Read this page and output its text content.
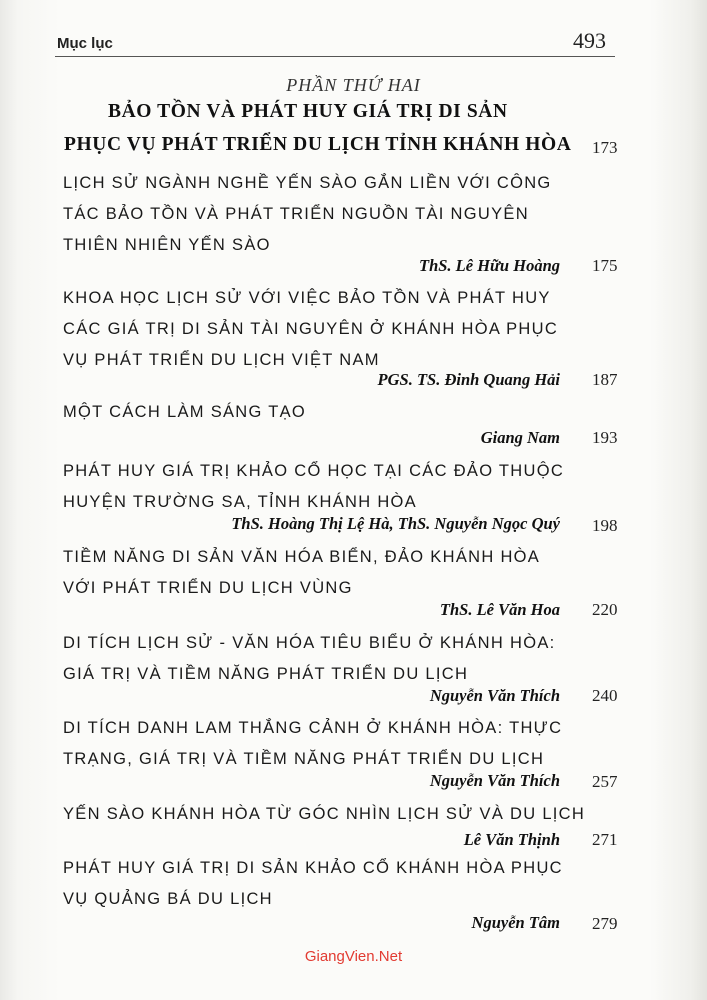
Mục lục	493
PHẦN THỨ HAI
BẢO TỒN VÀ PHÁT HUY GIÁ TRỊ DI SẢN
PHỤC VỤ PHÁT TRIỂN DU LỊCH TỈNH KHÁNH HÒA 173
LỊCH SỬ NGÀNH NGHỀ YẾN SÀO GẮN LIỀN VỚI CÔNG
TÁC BẢO TỒN VÀ PHÁT TRIỂN NGUỒN TÀI NGUYÊN
THIÊN NHIÊN YẾN SÀO
ThS. Lê Hữu Hoàng 175
KHOA HỌC LỊCH SỬ VỚI VIỆC BẢO TỒN VÀ PHÁT HUY
CÁC GIÁ TRỊ DI SẢN TÀI NGUYÊN Ở KHÁNH HÒA PHỤC
VỤ PHÁT TRIỂN DU LỊCH VIỆT NAM
PGS. TS. Đinh Quang Hải 187
MỘT CÁCH LÀM SÁNG TẠO
Giang Nam 193
PHÁT HUY GIÁ TRỊ KHẢO CỔ HỌC TẠI CÁC ĐẢO THUỘC
HUYỆN TRƯỜNG SA, TỈNH KHÁNH HÒA
ThS. Hoàng Thị Lệ Hà, ThS. Nguyễn Ngọc Quý 198
TIỀM NĂNG DI SẢN VĂN HÓA BIỂN, ĐẢO KHÁNH HÒA
VỚI PHÁT TRIỂN DU LỊCH VÙNG
ThS. Lê Văn Hoa 220
DI TÍCH LỊCH SỬ - VĂN HÓA TIÊU BIỂU Ở KHÁNH HÒA:
GIÁ TRỊ VÀ TIỀM NĂNG PHÁT TRIỂN DU LỊCH
Nguyễn Văn Thích 240
DI TÍCH DANH LAM THẮNG CẢNH Ở KHÁNH HÒA: THỰC
TRẠNG, GIÁ TRỊ VÀ TIỀM NĂNG PHÁT TRIỂN DU LỊCH
Nguyễn Văn Thích 257
YẾN SÀO KHÁNH HÒA TỪ GÓC NHÌN LỊCH SỬ VÀ DU LỊCH
Lê Văn Thịnh 271
PHÁT HUY GIÁ TRỊ DI SẢN KHẢO CỔ KHÁNH HÒA PHỤC
VỤ QUẢNG BÁ DU LỊCH
Nguyễn Tâm 279
GiangVien.Net
